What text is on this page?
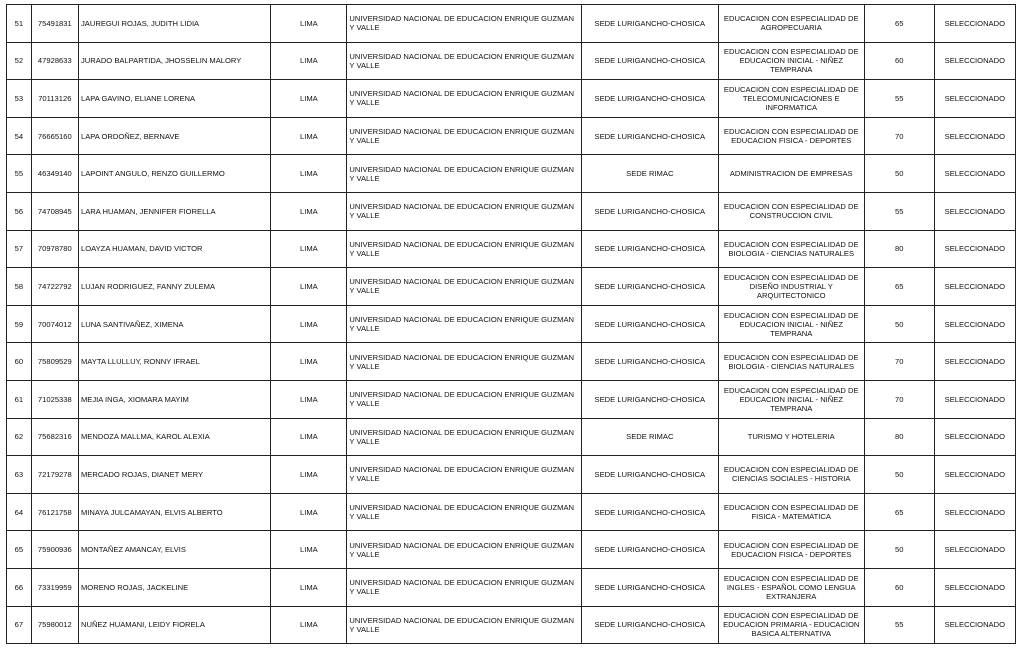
51	75491831	JAUREGUI ROJAS, JUDITH LIDIA	LIMA	UNIVERSIDAD NACIONAL DE EDUCACION ENRIQUE GUZMAN Y VALLE	SEDE LURIGANCHO-CHOSICA	EDUCACION CON ESPECIALIDAD DE AGROPECUARIA	65	SELECCIONADO
52	47928633	JURADO BALPARTIDA, JHOSSELIN MALORY	LIMA	UNIVERSIDAD NACIONAL DE EDUCACION ENRIQUE GUZMAN Y VALLE	SEDE LURIGANCHO-CHOSICA	EDUCACION CON ESPECIALIDAD DE EDUCACION INICIAL - NIÑEZ TEMPRANA	60	SELECCIONADO
53	70113126	LAPA GAVINO, ELIANE LORENA	LIMA	UNIVERSIDAD NACIONAL DE EDUCACION ENRIQUE GUZMAN Y VALLE	SEDE LURIGANCHO-CHOSICA	EDUCACION CON ESPECIALIDAD DE TELECOMUNICACIONES E INFORMATICA	55	SELECCIONADO
54	76665160	LAPA ORDOÑEZ, BERNAVE	LIMA	UNIVERSIDAD NACIONAL DE EDUCACION ENRIQUE GUZMAN Y VALLE	SEDE LURIGANCHO-CHOSICA	EDUCACION CON ESPECIALIDAD DE EDUCACION FISICA - DEPORTES	70	SELECCIONADO
55	46349140	LAPOINT ANGULO, RENZO GUILLERMO	LIMA	UNIVERSIDAD NACIONAL DE EDUCACION ENRIQUE GUZMAN Y VALLE	SEDE RIMAC	ADMINISTRACION DE EMPRESAS	50	SELECCIONADO
56	74708945	LARA HUAMAN, JENNIFER FIORELLA	LIMA	UNIVERSIDAD NACIONAL DE EDUCACION ENRIQUE GUZMAN Y VALLE	SEDE LURIGANCHO-CHOSICA	EDUCACION CON ESPECIALIDAD DE CONSTRUCCION CIVIL	55	SELECCIONADO
57	70978780	LOAYZA HUAMAN, DAVID VICTOR	LIMA	UNIVERSIDAD NACIONAL DE EDUCACION ENRIQUE GUZMAN Y VALLE	SEDE LURIGANCHO-CHOSICA	EDUCACION CON ESPECIALIDAD DE BIOLOGIA - CIENCIAS NATURALES	80	SELECCIONADO
58	74722792	LUJAN RODRIGUEZ, FANNY ZULEMA	LIMA	UNIVERSIDAD NACIONAL DE EDUCACION ENRIQUE GUZMAN Y VALLE	SEDE LURIGANCHO-CHOSICA	EDUCACION CON ESPECIALIDAD DE DISEÑO INDUSTRIAL Y ARQUITECTONICO	65	SELECCIONADO
59	70074012	LUNA SANTIVAÑEZ, XIMENA	LIMA	UNIVERSIDAD NACIONAL DE EDUCACION ENRIQUE GUZMAN Y VALLE	SEDE LURIGANCHO-CHOSICA	EDUCACION CON ESPECIALIDAD DE EDUCACION INICIAL - NIÑEZ TEMPRANA	50	SELECCIONADO
60	75809529	MAYTA LLULLUY, RONNY IFRAEL	LIMA	UNIVERSIDAD NACIONAL DE EDUCACION ENRIQUE GUZMAN Y VALLE	SEDE LURIGANCHO-CHOSICA	EDUCACION CON ESPECIALIDAD DE BIOLOGIA - CIENCIAS NATURALES	70	SELECCIONADO
61	71025338	MEJIA INGA, XIOMARA MAYIM	LIMA	UNIVERSIDAD NACIONAL DE EDUCACION ENRIQUE GUZMAN Y VALLE	SEDE LURIGANCHO-CHOSICA	EDUCACION CON ESPECIALIDAD DE EDUCACION INICIAL - NIÑEZ TEMPRANA	70	SELECCIONADO
62	75682316	MENDOZA MALLMA, KAROL ALEXIA	LIMA	UNIVERSIDAD NACIONAL DE EDUCACION ENRIQUE GUZMAN Y VALLE	SEDE RIMAC	TURISMO Y HOTELERIA	80	SELECCIONADO
63	72179278	MERCADO ROJAS, DIANET MERY	LIMA	UNIVERSIDAD NACIONAL DE EDUCACION ENRIQUE GUZMAN Y VALLE	SEDE LURIGANCHO-CHOSICA	EDUCACION CON ESPECIALIDAD DE CIENCIAS SOCIALES - HISTORIA	50	SELECCIONADO
64	76121758	MINAYA JULCAMAYAN, ELVIS ALBERTO	LIMA	UNIVERSIDAD NACIONAL DE EDUCACION ENRIQUE GUZMAN Y VALLE	SEDE LURIGANCHO-CHOSICA	EDUCACION CON ESPECIALIDAD DE FISICA - MATEMATICA	65	SELECCIONADO
65	75900936	MONTAÑEZ AMANCAY, ELVIS	LIMA	UNIVERSIDAD NACIONAL DE EDUCACION ENRIQUE GUZMAN Y VALLE	SEDE LURIGANCHO-CHOSICA	EDUCACION CON ESPECIALIDAD DE EDUCACION FISICA - DEPORTES	50	SELECCIONADO
66	73319959	MORENO ROJAS, JACKELINE	LIMA	UNIVERSIDAD NACIONAL DE EDUCACION ENRIQUE GUZMAN Y VALLE	SEDE LURIGANCHO-CHOSICA	EDUCACION CON ESPECIALIDAD DE INGLES - ESPAÑOL COMO LENGUA EXTRANJERA	60	SELECCIONADO
67	75980012	NUÑEZ HUAMANI, LEIDY FIORELA	LIMA	UNIVERSIDAD NACIONAL DE EDUCACION ENRIQUE GUZMAN Y VALLE	SEDE LURIGANCHO-CHOSICA	EDUCACION CON ESPECIALIDAD DE EDUCACION PRIMARIA - EDUCACION BASICA ALTERNATIVA	55	SELECCIONADO
